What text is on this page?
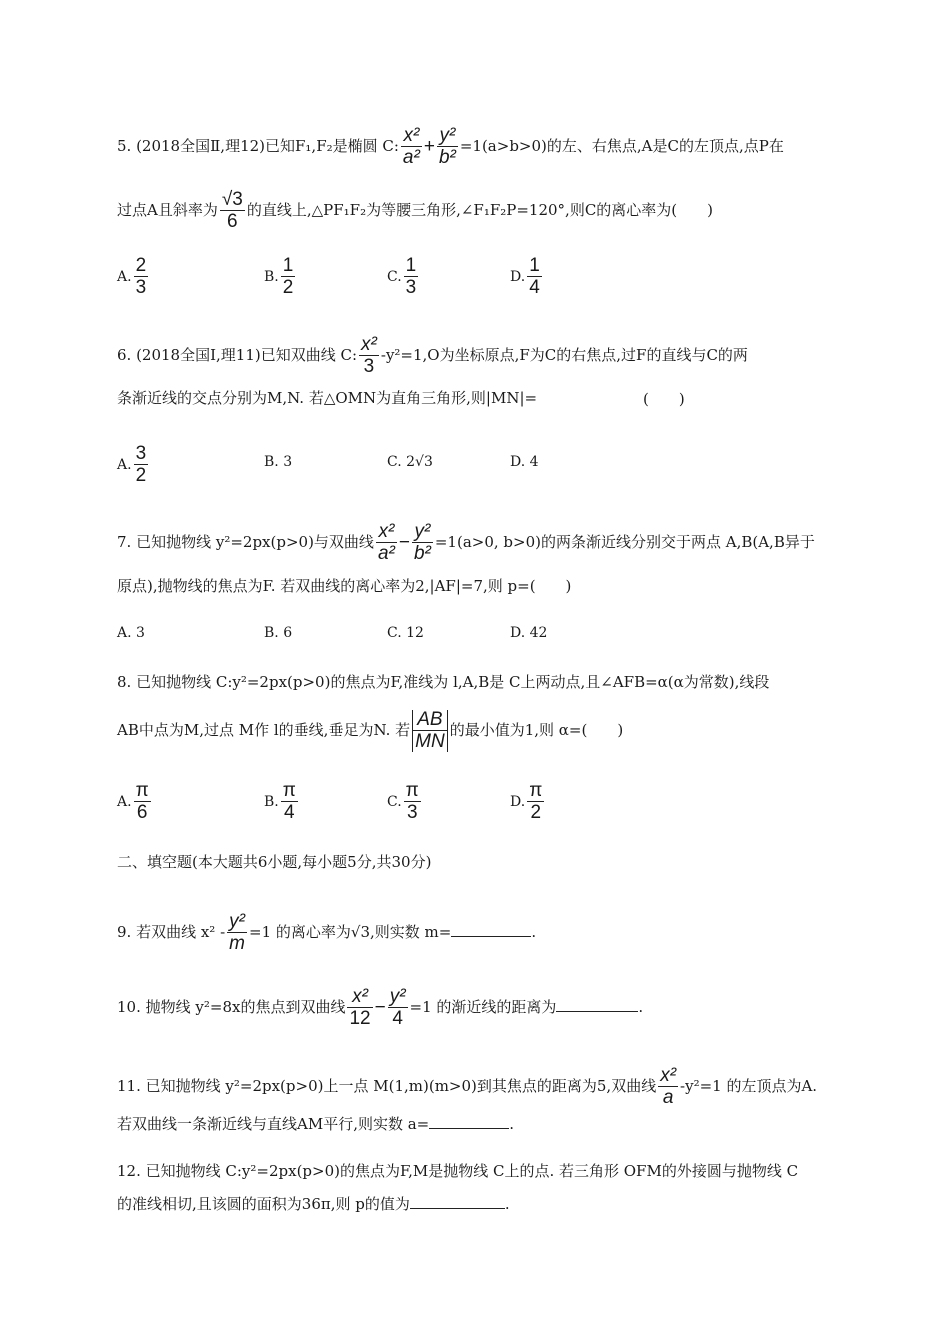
5. (2018全国Ⅱ,理12)已知F₁,F₂是椭圆 C: $\frac{\text{x²}}{\text{a²}} + \frac{\text{y²}}{\text{b²}} =1(a>b>0)$的左、右焦点,A是C的左顶点,点P在
过点A且斜率为 $\frac{√3}{6}$ 的直线上,△PF₁F₂为等腰三角形,∠F₁F₂P=120°,则C的离心率为(　　)
A. $\frac{2}{3}$	B. $\frac{1}{2}$	C. $\frac{1}{3}$	D. $\frac{1}{4}$
6. (2018全国Ⅰ,理11)已知双曲线 C: $\frac{\text{x²}}{3} -y^2=1,O$为坐标原点,F为C的右焦点,过F的直线与C的两
条渐近线的交点分别为M,N. 若△OMN为直角三角形,则|MN|=	(　　)
A. $\frac{3}{2}$	B. 3	C. 2√3	D. 4
7. 已知抛物线 y²=2px(p>0)与双曲线 $\frac{\text{x²}}{\text{a²}} - \frac{\text{y²}}{\text{b²}} =1(a>0$, b>0)的两条渐近线分别交于两点 A,B(A,B异于
原点),抛物线的焦点为F. 若双曲线的离心率为2,|AF|=7,则 p=(　　)
A. 3	B. 6	C. 12	D. 42
8. 已知抛物线 C:y²=2px(p>0)的焦点为F,准线为 l,A,B是 C上两动点,且∠AFB=α(α为常数),线段
AB中点为M,过点 M作 l的垂线,垂足为N. 若 $\frac{AB}{MN}$ 的最小值为1,则 α=(　　)
A. $\frac{\pi}{6}$	B. $\frac{\pi}{4}$	C. $\frac{\pi}{3}$	D. $\frac{\pi}{2}$
二、填空题(本大题共6小题,每小题5分,共30分)
9. 若双曲线 $x^2 - \frac{\text{y²}}{m} =1$ 的离心率为√3,则实数 m=	.
10. 抛物线 y²=8x的焦点到双曲线 $\frac{\text{x²}}{12} - \frac{\text{y²}}{4} =1$ 的渐近线的距离为	.
11. 已知抛物线 y²=2px(p>0)上一点 M(1,m)(m>0)到其焦点的距离为5,双曲线 $\frac{\text{x²}}{a} -y^2=1$ 的左顶点为A.
若双曲线一条渐近线与直线AM平行,则实数 a=	.
12. 已知抛物线 C:y²=2px(p>0)的焦点为F,M是抛物线 C上的点. 若三角形 OFM的外接圆与抛物线 C
的准线相切,且该圆的面积为36π,则 p的值为	.
